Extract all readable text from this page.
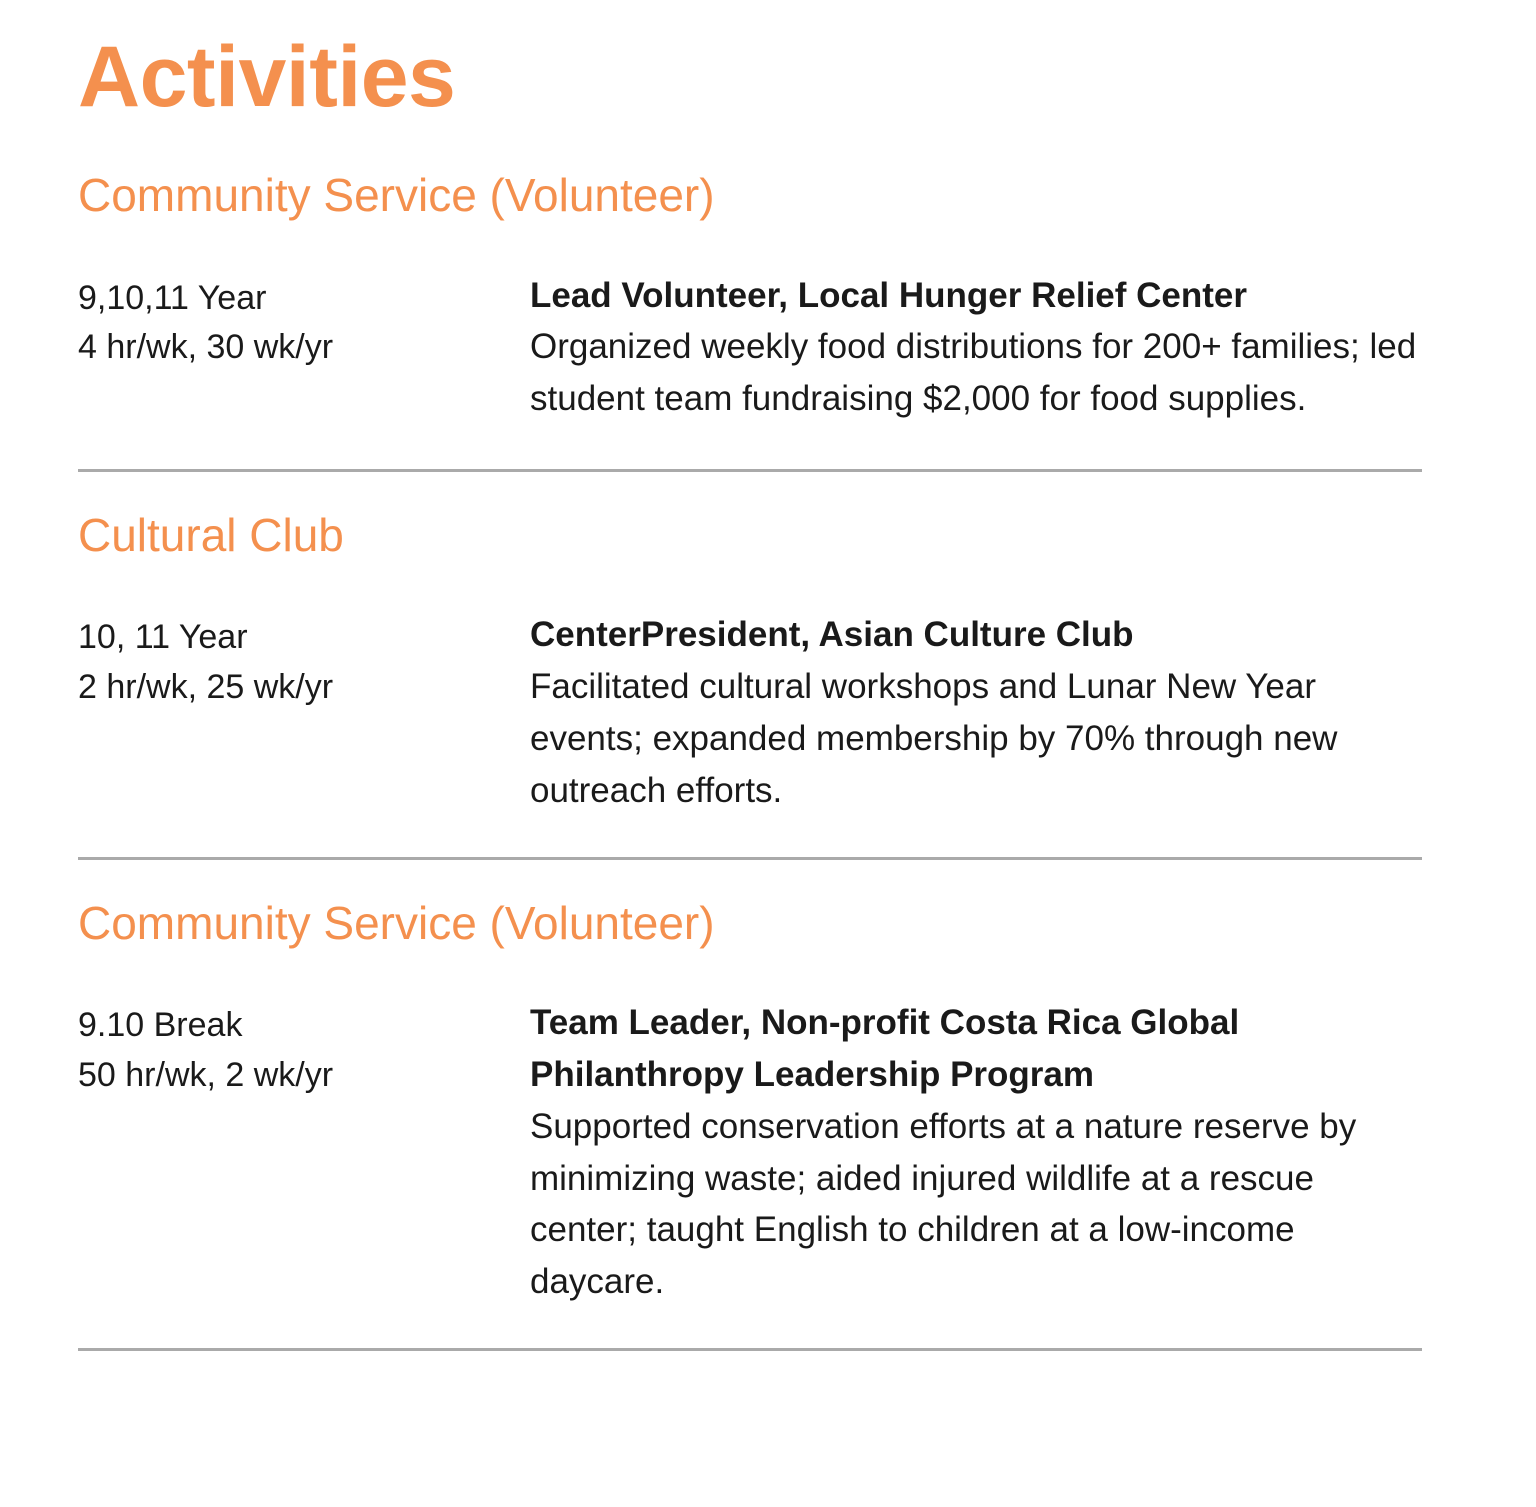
Activities
Community Service (Volunteer)
9,10,11 Year
4 hr/wk, 30 wk/yr
Lead Volunteer, Local Hunger Relief Center
Organized weekly food distributions for 200+ families; led student team fundraising $2,000 for food supplies.
Cultural Club
10, 11 Year
2 hr/wk, 25 wk/yr
CenterPresident, Asian Culture Club
Facilitated cultural workshops and Lunar New Year events; expanded membership by 70% through new outreach efforts.
Community Service (Volunteer)
9.10 Break
50 hr/wk, 2 wk/yr
Team Leader, Non-profit Costa Rica Global Philanthropy Leadership Program
Supported conservation efforts at a nature reserve by minimizing waste; aided injured wildlife at a rescue center; taught English to children at a low-income daycare.
